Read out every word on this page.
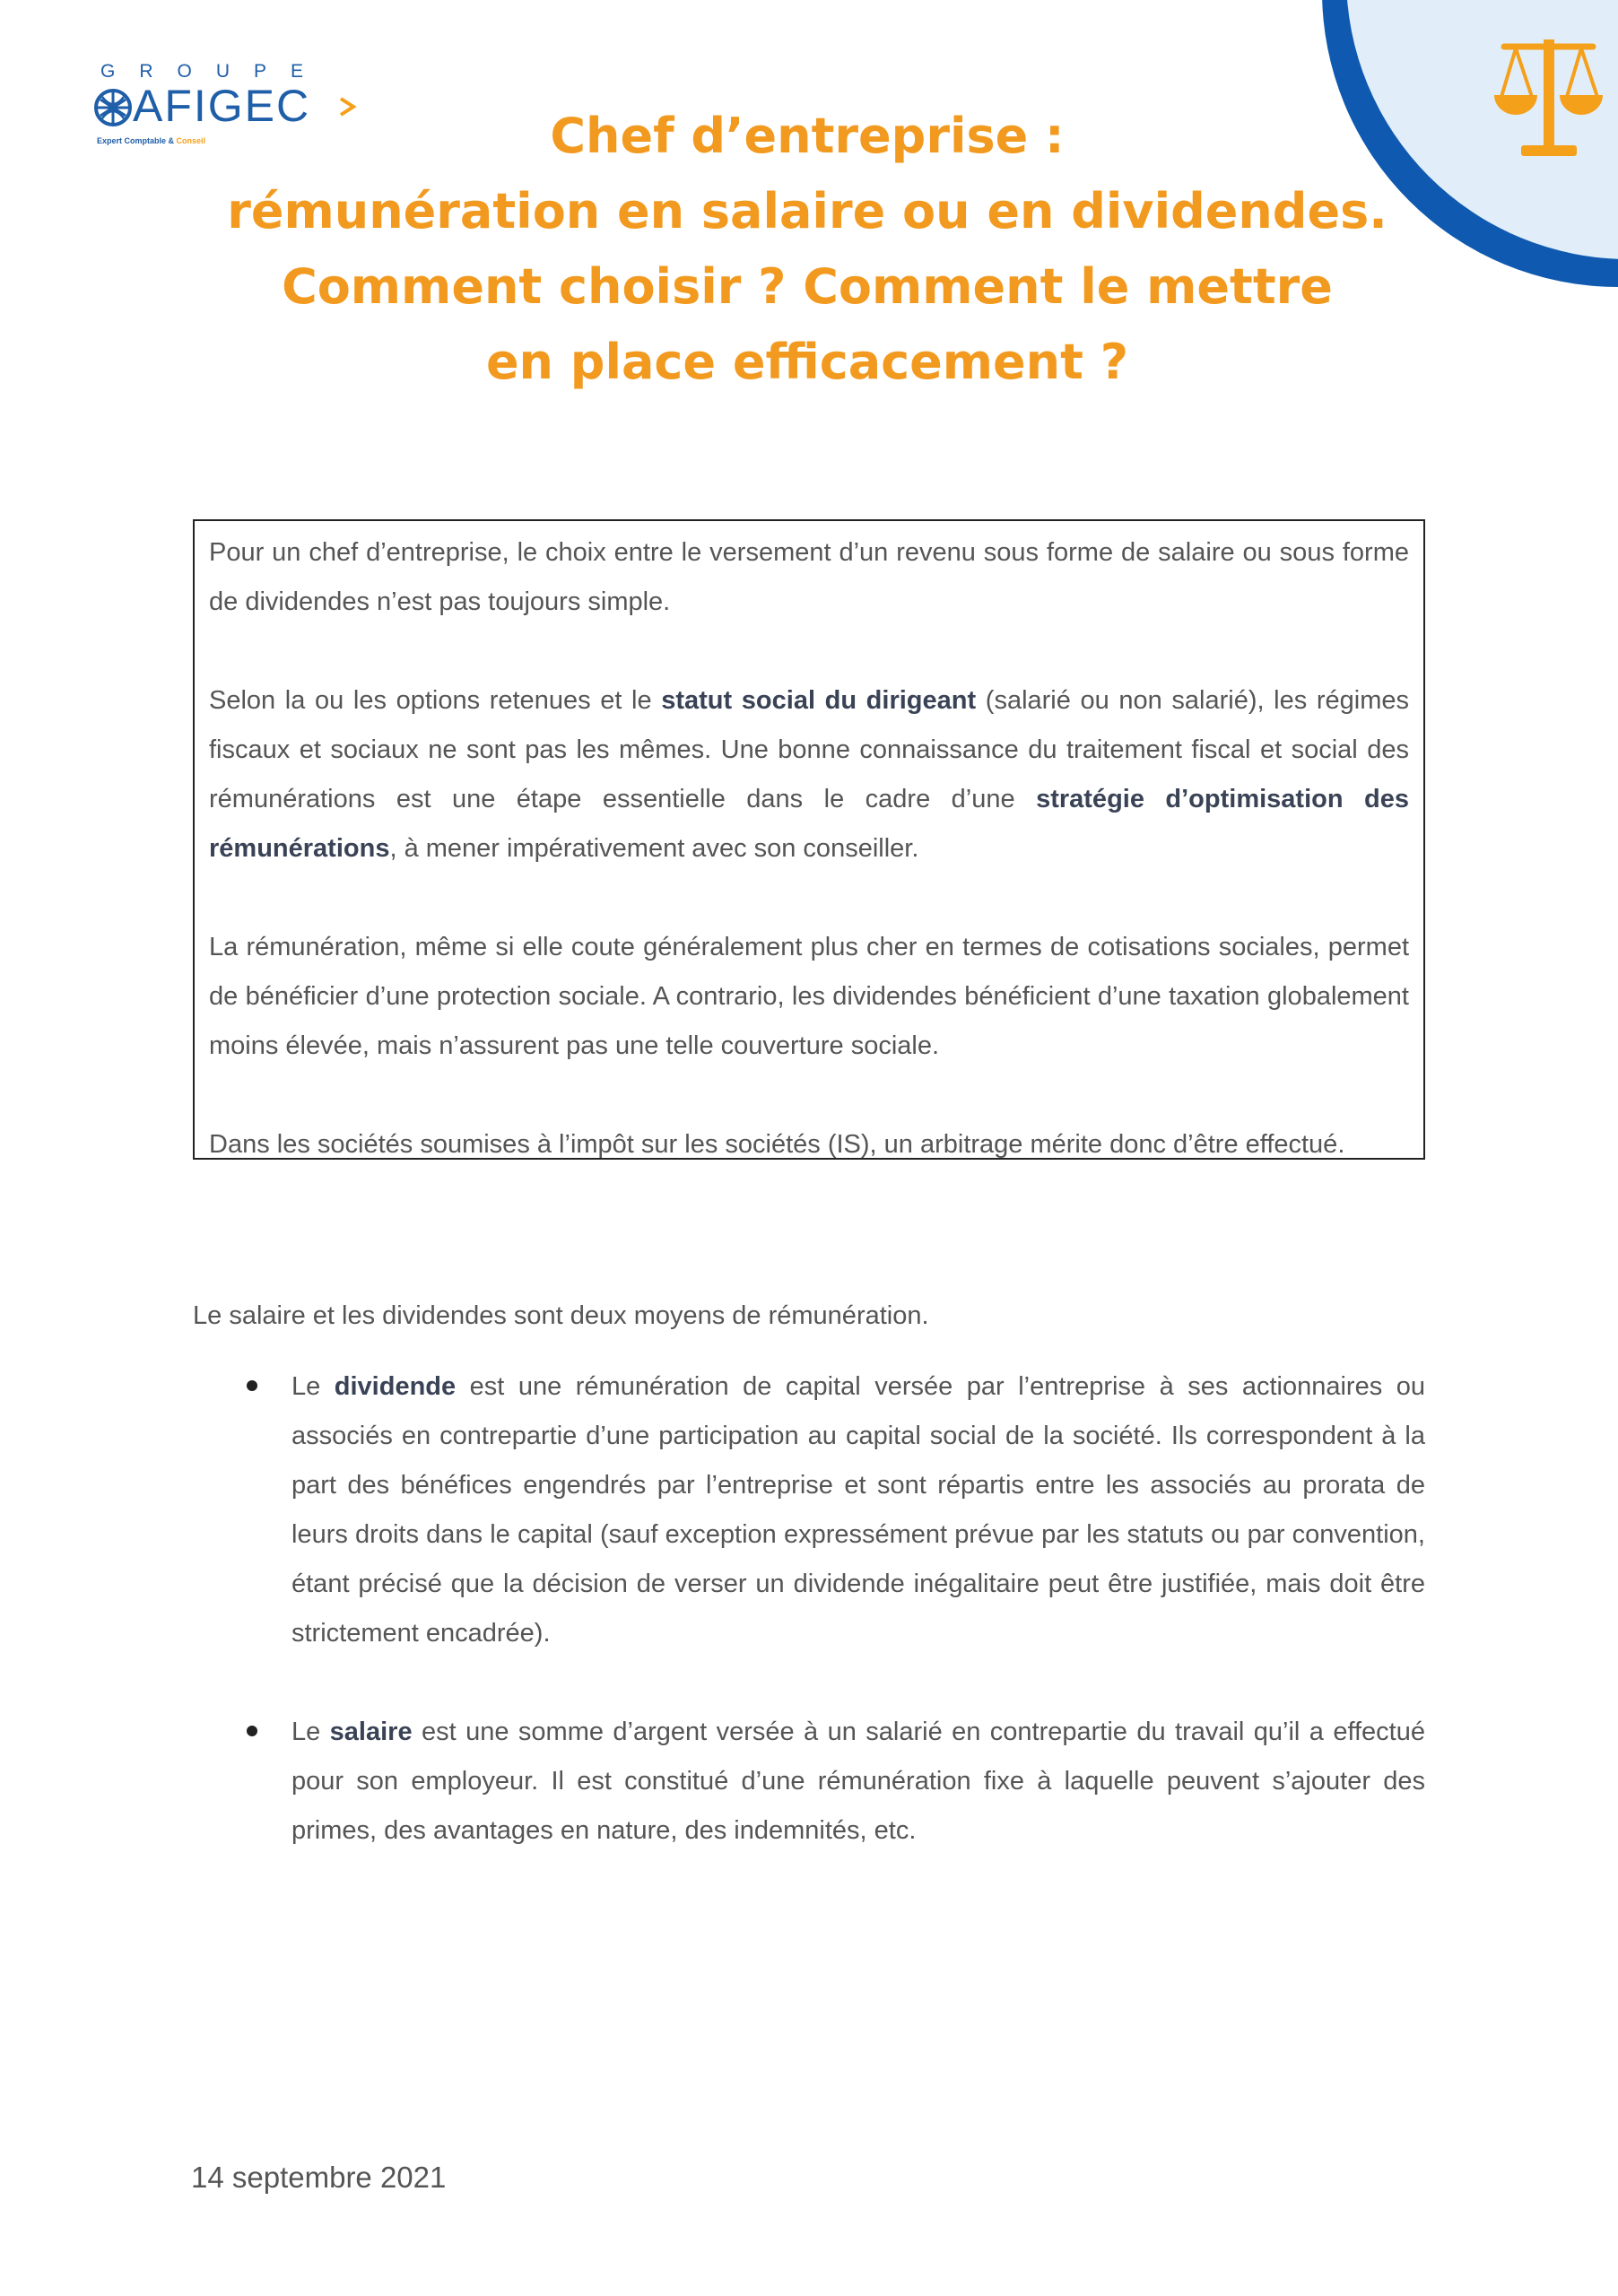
GROUPE
AFIGEC
Expert Comptable & Conseil	Chef d’entreprise :
rémunération en salaire ou en dividendes.
Comment choisir ? Comment le mettre
en place efficacement ?

Pour un chef d’entreprise, le choix entre le versement d’un revenu sous forme de salaire ou sous forme de dividendes n’est pas toujours simple.

Selon la ou les options retenues et le statut social du dirigeant (salarié ou non salarié), les régimes fiscaux et sociaux ne sont pas les mêmes. Une bonne connaissance du traitement fiscal et social des rémunérations est une étape essentielle dans le cadre d’une stratégie d’optimisation des rémunérations, à mener impérativement avec son conseiller.

La rémunération, même si elle coute généralement plus cher en termes de cotisations sociales, permet de bénéficier d’une protection sociale. A contrario, les dividendes bénéficient d’une taxation globalement moins élevée, mais n’assurent pas une telle couverture sociale.

Dans les sociétés soumises à l’impôt sur les sociétés (IS), un arbitrage mérite donc d’être effectué.

Le salaire et les dividendes sont deux moyens de rémunération.

Le dividende est une rémunération de capital versée par l’entreprise à ses actionnaires ou associés en contrepartie d’une participation au capital social de la société. Ils correspondent à la part des bénéfices engendrés par l’entreprise et sont répartis entre les associés au prorata de leurs droits dans le capital (sauf exception expressément prévue par les statuts ou par convention, étant précisé que la décision de verser un dividende inégalitaire peut être justifiée, mais doit être strictement encadrée).

Le salaire est une somme d’argent versée à un salarié en contrepartie du travail qu’il a effectué pour son employeur. Il est constitué d’une rémunération fixe à laquelle peuvent s’ajouter des primes, des avantages en nature, des indemnités, etc.

14 septembre 2021
